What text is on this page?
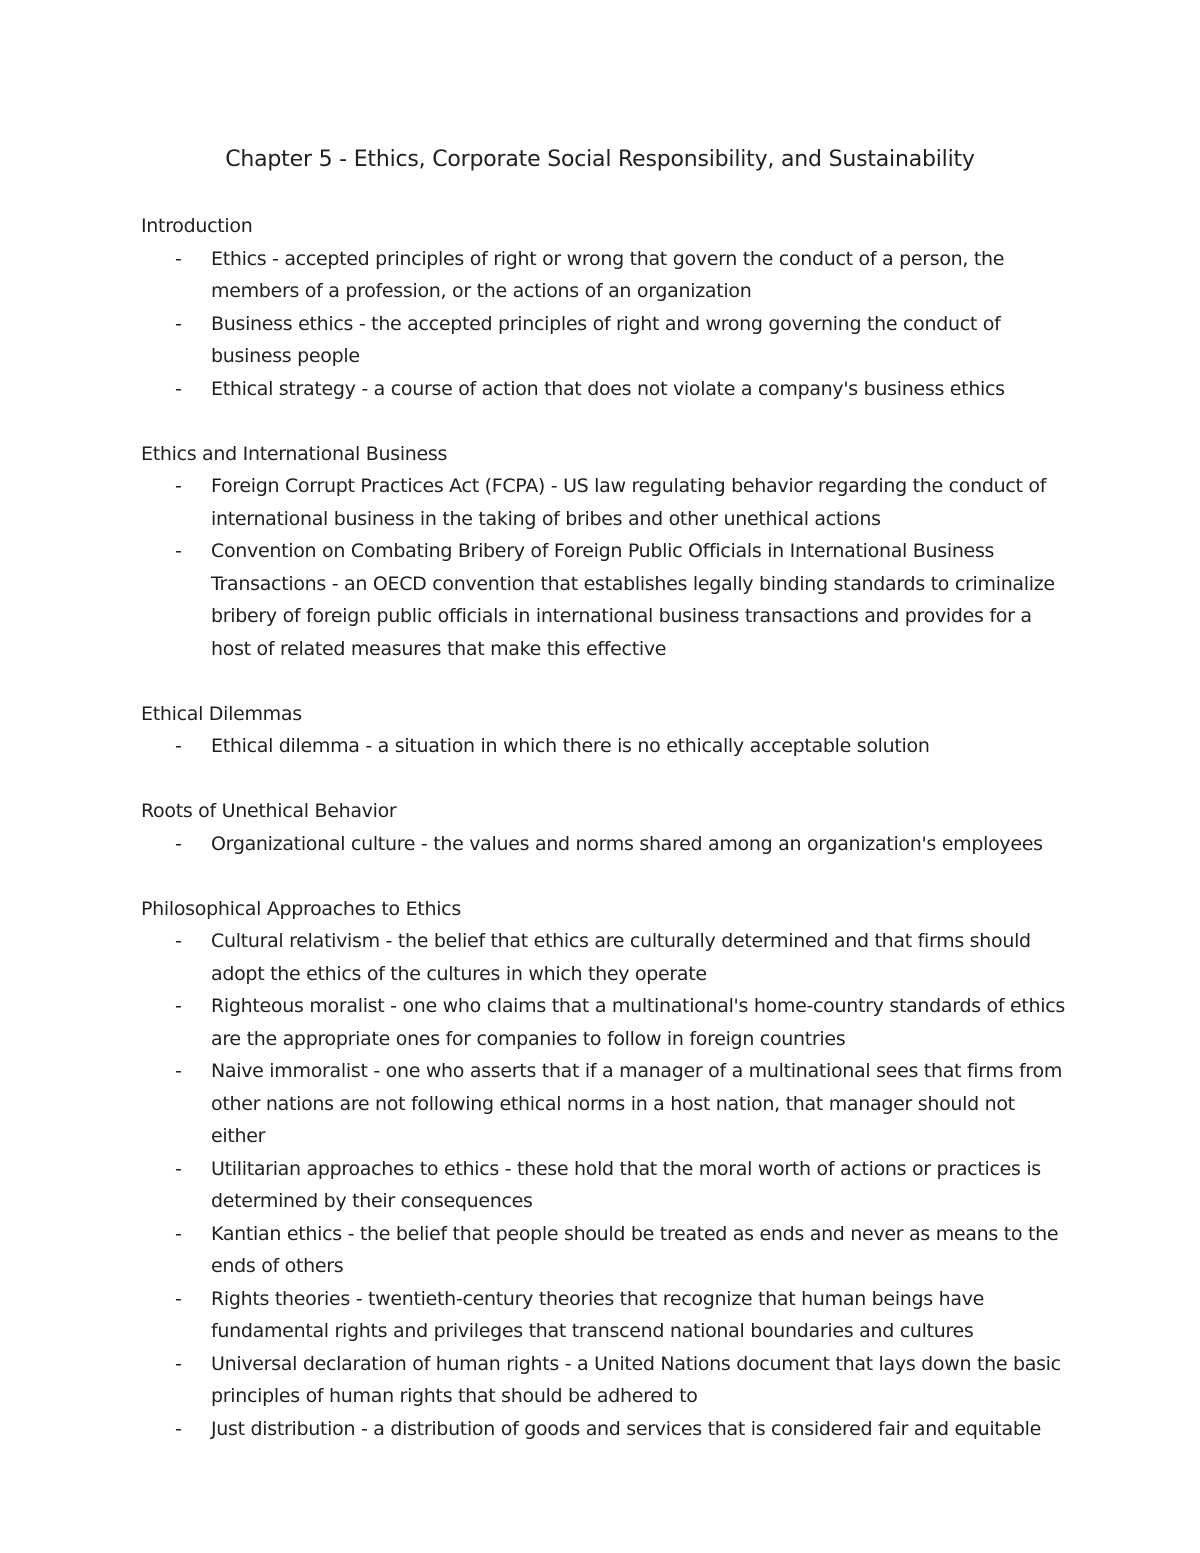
Chapter 5 - Ethics, Corporate Social Responsibility, and Sustainability
Introduction
- Ethics - accepted principles of right or wrong that govern the conduct of a person, the members of a profession, or the actions of an organization
- Business ethics - the accepted principles of right and wrong governing the conduct of business people
- Ethical strategy - a course of action that does not violate a company's business ethics
Ethics and International Business
- Foreign Corrupt Practices Act (FCPA) - US law regulating behavior regarding the conduct of international business in the taking of bribes and other unethical actions
- Convention on Combating Bribery of Foreign Public Officials in International Business Transactions - an OECD convention that establishes legally binding standards to criminalize bribery of foreign public officials in international business transactions and provides for a host of related measures that make this effective
Ethical Dilemmas
- Ethical dilemma - a situation in which there is no ethically acceptable solution
Roots of Unethical Behavior
- Organizational culture - the values and norms shared among an organization's employees
Philosophical Approaches to Ethics
- Cultural relativism - the belief that ethics are culturally determined and that firms should adopt the ethics of the cultures in which they operate
- Righteous moralist - one who claims that a multinational's home-country standards of ethics are the appropriate ones for companies to follow in foreign countries
- Naive immoralist - one who asserts that if a manager of a multinational sees that firms from other nations are not following ethical norms in a host nation, that manager should not either
- Utilitarian approaches to ethics - these hold that the moral worth of actions or practices is determined by their consequences
- Kantian ethics - the belief that people should be treated as ends and never as means to the ends of others
- Rights theories - twentieth-century theories that recognize that human beings have fundamental rights and privileges that transcend national boundaries and cultures
- Universal declaration of human rights - a United Nations document that lays down the basic principles of human rights that should be adhered to
- Just distribution - a distribution of goods and services that is considered fair and equitable
